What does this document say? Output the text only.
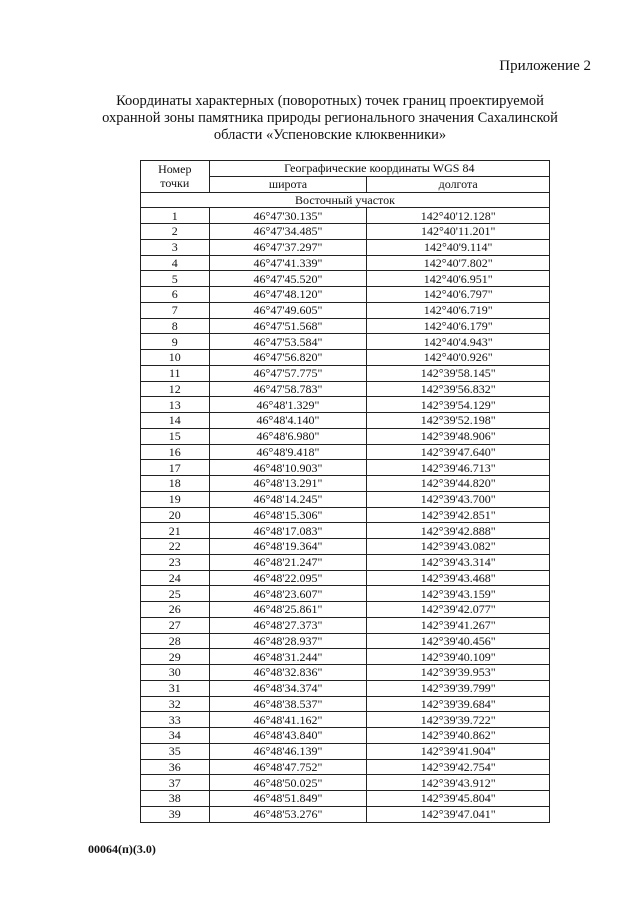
Приложение 2
Координаты характерных (поворотных) точек границ проектируемой
охранной зоны памятника природы регионального значения Сахалинской
области «Успеновские клюквенники»
Номер
точки	Географические координаты WGS 84	
	широта	долгота
Восточный участок		
1	46°47'30.135"	142°40'12.128"
2	46°47'34.485"	142°40'11.201"
3	46°47'37.297"	142°40'9.114"
4	46°47'41.339"	142°40'7.802"
5	46°47'45.520"	142°40'6.951"
6	46°47'48.120"	142°40'6.797"
7	46°47'49.605"	142°40'6.719"
8	46°47'51.568"	142°40'6.179"
9	46°47'53.584"	142°40'4.943"
10	46°47'56.820"	142°40'0.926"
11	46°47'57.775"	142°39'58.145"
12	46°47'58.783"	142°39'56.832"
13	46°48'1.329"	142°39'54.129"
14	46°48'4.140"	142°39'52.198"
15	46°48'6.980"	142°39'48.906"
16	46°48'9.418"	142°39'47.640"
17	46°48'10.903"	142°39'46.713"
18	46°48'13.291"	142°39'44.820"
19	46°48'14.245"	142°39'43.700"
20	46°48'15.306"	142°39'42.851"
21	46°48'17.083"	142°39'42.888"
22	46°48'19.364"	142°39'43.082"
23	46°48'21.247"	142°39'43.314"
24	46°48'22.095"	142°39'43.468"
25	46°48'23.607"	142°39'43.159"
26	46°48'25.861"	142°39'42.077"
27	46°48'27.373"	142°39'41.267"
28	46°48'28.937"	142°39'40.456"
29	46°48'31.244"	142°39'40.109"
30	46°48'32.836"	142°39'39.953"
31	46°48'34.374"	142°39'39.799"
32	46°48'38.537"	142°39'39.684"
33	46°48'41.162"	142°39'39.722"
34	46°48'43.840"	142°39'40.862"
35	46°48'46.139"	142°39'41.904"
36	46°48'47.752"	142°39'42.754"
37	46°48'50.025"	142°39'43.912"
38	46°48'51.849"	142°39'45.804"
39	46°48'53.276"	142°39'47.041"
00064(п)(3.0)
